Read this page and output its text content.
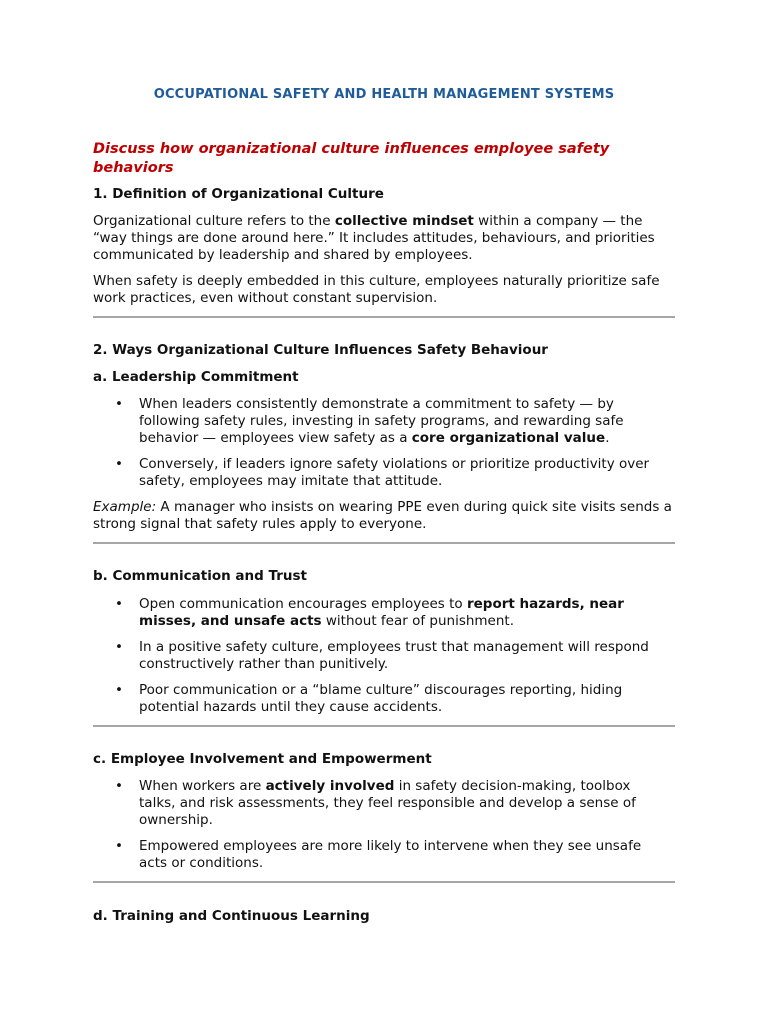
OCCUPATIONAL SAFETY AND HEALTH MANAGEMENT SYSTEMS
Discuss how organizational culture influences employee safety behaviors
1. Definition of Organizational Culture
Organizational culture refers to the collective mindset within a company — the “way things are done around here.” It includes attitudes, behaviours, and priorities communicated by leadership and shared by employees.
When safety is deeply embedded in this culture, employees naturally prioritize safe work practices, even without constant supervision.
2. Ways Organizational Culture Influences Safety Behaviour
a. Leadership Commitment
• When leaders consistently demonstrate a commitment to safety — by following safety rules, investing in safety programs, and rewarding safe behavior — employees view safety as a core organizational value.
• Conversely, if leaders ignore safety violations or prioritize productivity over safety, employees may imitate that attitude.
Example: A manager who insists on wearing PPE even during quick site visits sends a strong signal that safety rules apply to everyone.
b. Communication and Trust
• Open communication encourages employees to report hazards, near misses, and unsafe acts without fear of punishment.
• In a positive safety culture, employees trust that management will respond constructively rather than punitively.
• Poor communication or a “blame culture” discourages reporting, hiding potential hazards until they cause accidents.
c. Employee Involvement and Empowerment
• When workers are actively involved in safety decision-making, toolbox talks, and risk assessments, they feel responsible and develop a sense of ownership.
• Empowered employees are more likely to intervene when they see unsafe acts or conditions.
d. Training and Continuous Learning
